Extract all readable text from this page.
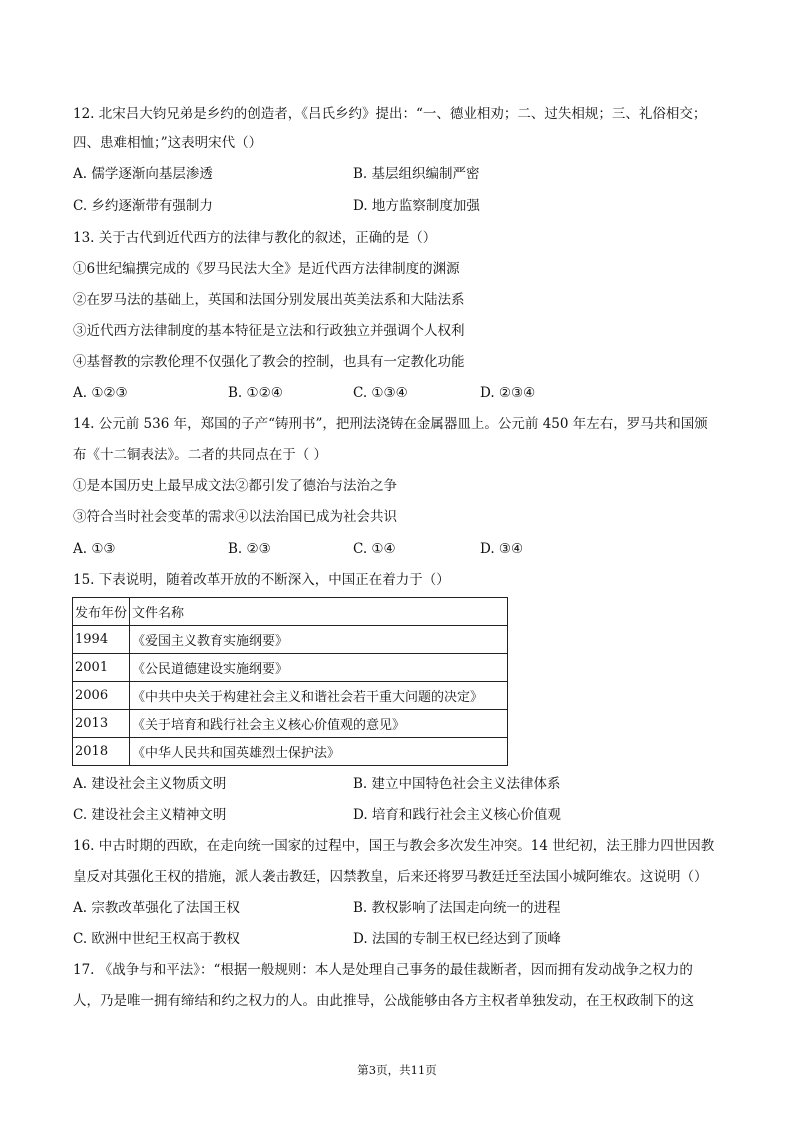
12. 北宋吕大钧兄弟是乡约的创造者，《吕氏乡约》提出：“一、德业相劝；二、过失相规；三、礼俗相交；
四、患难相恤；”这表明宋代（）
A. 儒学逐渐向基层渗透	B. 基层组织编制严密
C. 乡约逐渐带有强制力	D. 地方监察制度加强
13. 关于古代到近代西方的法律与教化的叙述，正确的是（）
①6世纪编撰完成的《罗马民法大全》是近代西方法律制度的渊源
②在罗马法的基础上，英国和法国分别发展出英美法系和大陆法系
③近代西方法律制度的基本特征是立法和行政独立并强调个人权利
④基督教的宗教伦理不仅强化了教会的控制，也具有一定教化功能
A. ①②③	B. ①②④	C. ①③④	D. ②③④
14. 公元前 536 年，郑国的子产“铸刑书”，把刑法浇铸在金属器皿上。公元前 450 年左右，罗马共和国颁
布《十二铜表法》。二者的共同点在于（ ）
①是本国历史上最早成文法②都引发了德治与法治之争
③符合当时社会变革的需求④以法治国已成为社会共识
A. ①③	B. ②③	C. ①④	D. ③④
15. 下表说明，随着改革开放的不断深入，中国正在着力于（）
发布年份	文件名称
1994	《爱国主义教育实施纲要》
2001	《公民道德建设实施纲要》
2006	《中共中央关于构建社会主义和谐社会若干重大问题的决定》
2013	《关于培育和践行社会主义核心价值观的意见》
2018	《中华人民共和国英雄烈士保护法》
A. 建设社会主义物质文明	B. 建立中国特色社会主义法律体系
C. 建设社会主义精神文明	D. 培育和践行社会主义核心价值观
16. 中古时期的西欧，在走向统一国家的过程中，国王与教会多次发生冲突。14 世纪初，法王腓力四世因教
皇反对其强化王权的措施，派人袭击教廷，囚禁教皇，后来还将罗马教廷迁至法国小城阿维农。这说明（）
A. 宗教改革强化了法国王权	B. 教权影响了法国走向统一的进程
C. 欧洲中世纪王权高于教权	D. 法国的专制王权已经达到了顶峰
17. 《战争与和平法》：“根据一般规则：本人是处理自己事务的最佳裁断者，因而拥有发动战争之权力的
人，乃是唯一拥有缔结和约之权力的人。由此推导，公战能够由各方主权者单独发动，在王权政制下的这
第3页，共11页
